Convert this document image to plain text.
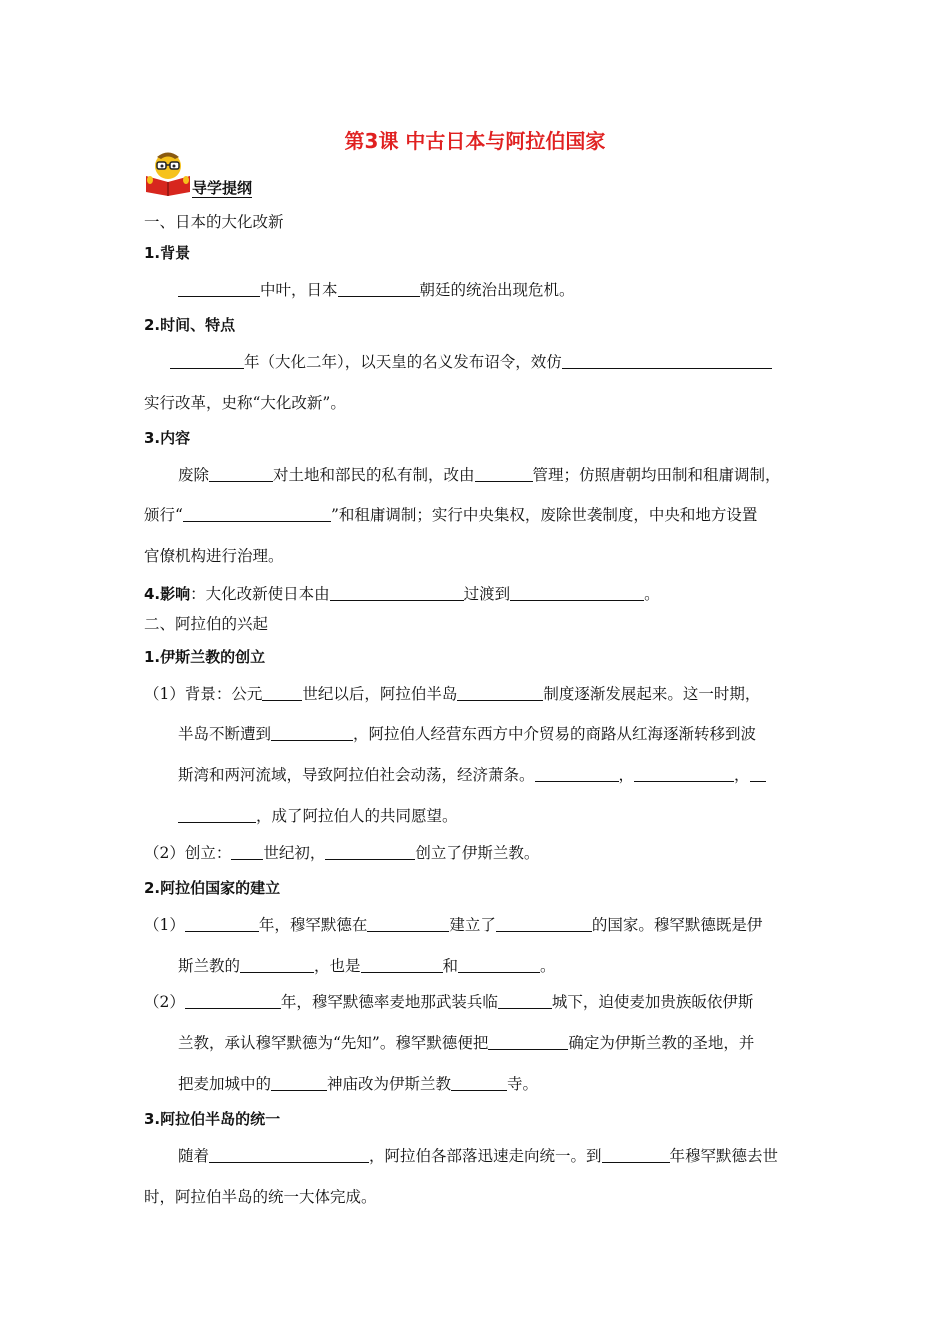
第3课 中古日本与阿拉伯国家
导学提纲
一、日本的大化改新
1.背景
中叶，日本	朝廷的统治出现危机。
2.时间、特点
年（大化二年），以天皇的名义发布诏令，效仿
实行改革，史称“大化改新”。
3.内容
废除	对土地和部民的私有制，改由	管理；仿照唐朝均田制和租庸调制，
颁行“	”和租庸调制；实行中央集权，废除世袭制度，中央和地方设置
官僚机构进行治理。
4.影响：大化改新使日本由	过渡到	。
二、阿拉伯的兴起
1.伊斯兰教的创立
（1）背景：公元	世纪以后，阿拉伯半岛	制度逐渐发展起来。这一时期，
半岛不断遭到	，阿拉伯人经营东西方中介贸易的商路从红海逐渐转移到波
斯湾和两河流域，导致阿拉伯社会动荡，经济萧条。	，	，
，成了阿拉伯人的共同愿望。
（2）创立： 世纪初，	创立了伊斯兰教。
2.阿拉伯国家的建立
（1）	年，穆罕默德在	建立了	的国家。穆罕默德既是伊
斯兰教的	，也是	和	。
（2）	年，穆罕默德率麦地那武装兵临	城下，迫使麦加贵族皈依伊斯
兰教，承认穆罕默德为“先知”。穆罕默德便把	确定为伊斯兰教的圣地，并
把麦加城中的	神庙改为伊斯兰教	寺。
3.阿拉伯半岛的统一
随着	，阿拉伯各部落迅速走向统一。到	年穆罕默德去世
时，阿拉伯半岛的统一大体完成。
